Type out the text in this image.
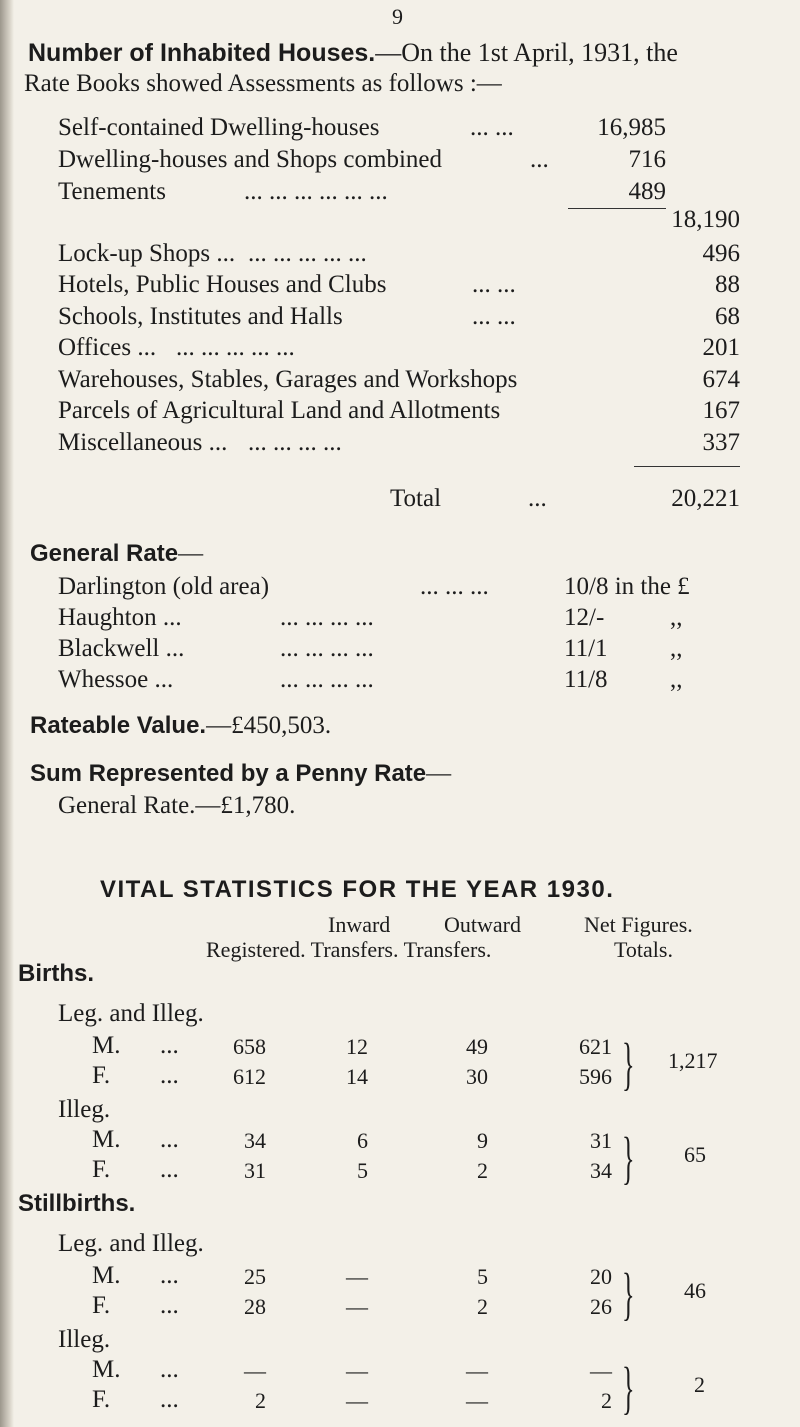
9
Number of Inhabited Houses.—On the 1st April, 1931, the
Rate Books showed Assessments as follows :—
Self-contained Dwelling-houses	... ...	16,985
Dwelling-houses and Shops combined	...	716
Tenements	... ... ... ... ... ...	489
18,190
Lock-up Shops ... ... ... ... ... ...	496
Hotels, Public Houses and Clubs	... ...	88
Schools, Institutes and Halls	... ...	68
Offices ... ... ... ... ... ...	201
Warehouses, Stables, Garages and Workshops	674
Parcels of Agricultural Land and Allotments	167
Miscellaneous ... ... ... ... ...	337
Total	...	20,221
General Rate—
Darlington (old area)	... ... ...	10/8 in the £
Haughton ...	... ... ... ...	12/-	,,
Blackwell ...	... ... ... ...	11/1 ,,
Whessoe ...	... ... ... ...	11/8 ,,
Rateable Value.—£450,503.
Sum Represented by a Penny Rate—
General Rate.—£1,780.
VITAL STATISTICS FOR THE YEAR 1930.
Inward Outward	Net Figures.
Registered. Transfers. Transfers.	Totals.
Births.
Leg. and Illeg.
M. ...	658	12	49	621
F. ...	612	14	30	596 } 1,217
Illeg.
M. ...	34	6	9	31
F. ...	31	5	2	34 } 65
Stillbirths.
Leg. and Illeg.
M. ...	25	—	5	20
F. ...	28	—	2	26 } 46
Illeg.
M. ...	—	—	—	—
F. ...	2	—	—	2 }	2
